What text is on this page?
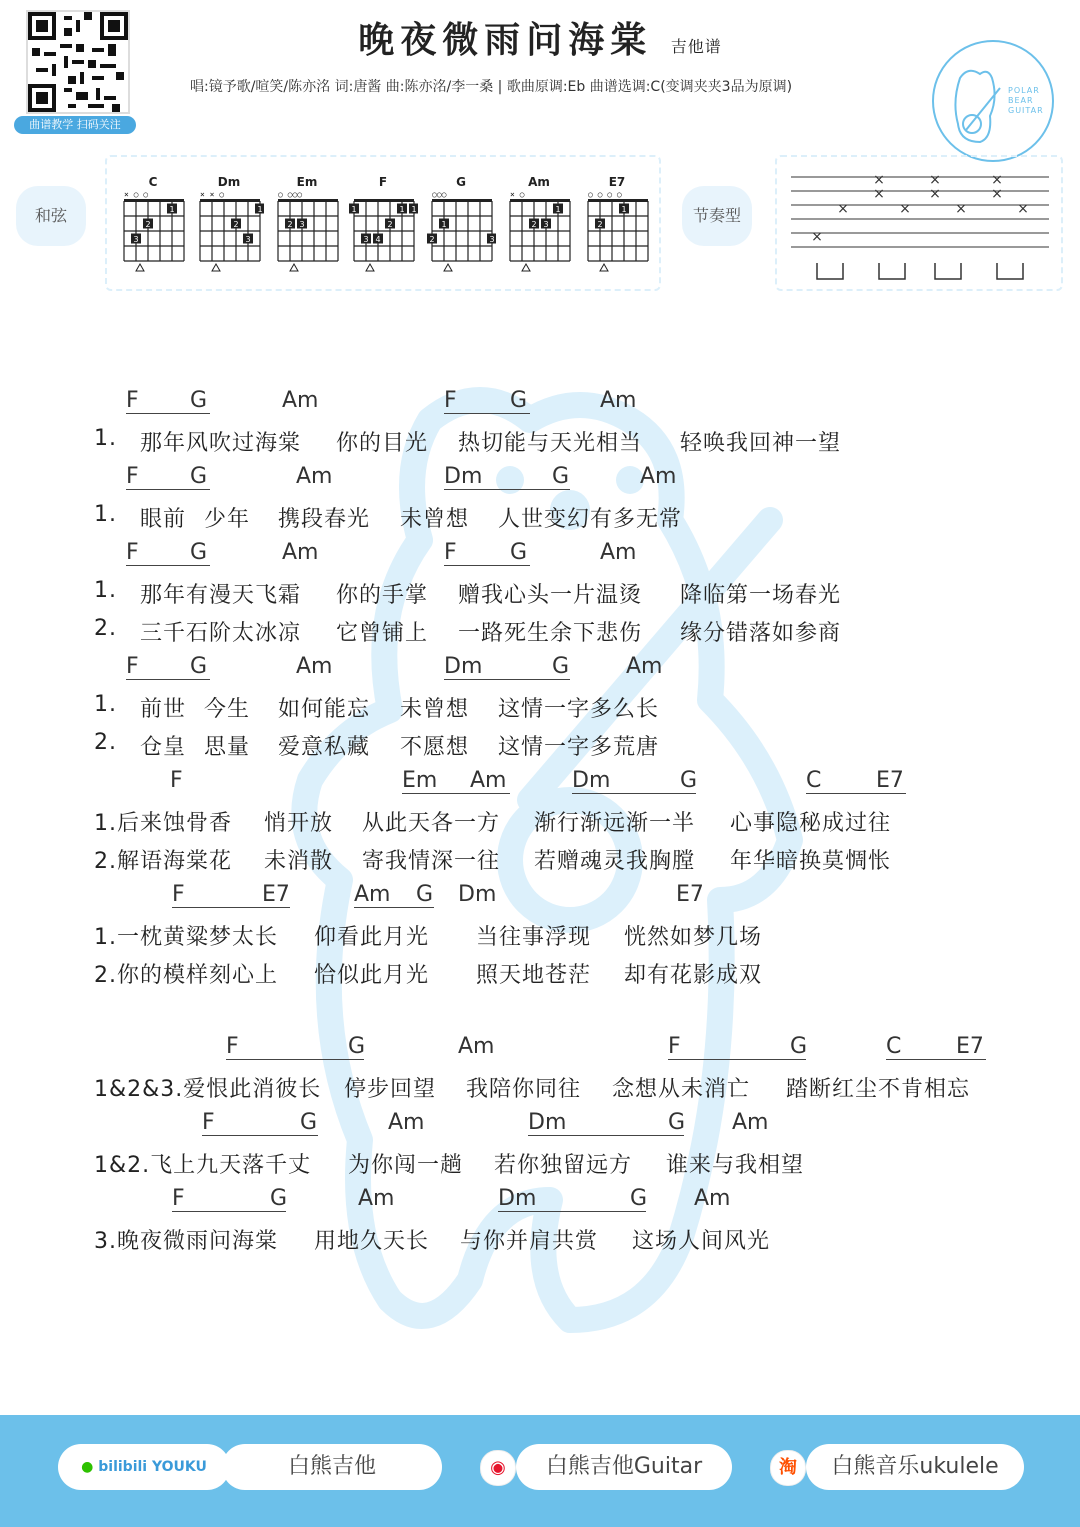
曲谱教学 扫码关注
晚夜微雨问海棠 吉他谱
唱:镜予歌/喧笑/陈亦洺 词:唐酱 曲:陈亦洺/李一桑 | 歌曲原调:Eb 曲谱选调:C(变调夹夹3品为原调)	POLAR
BEAR
GUITAR
和弦
C
1
2
3
× ○ ○
Dm
1
2
3
× × ○
Em
2 3
○ ○○○
F
1	1 1
2
3 4
G
1
2	3
○○○
Am
1
2 3
× ○
E7
1
2
○ ○ ○ ○
节奏型
×
×
×
×
×
×
×
×
×
×
×
F G	Am	F G	Am
1. 那年风吹过海棠 你的目光 热切能与天光相当 轻唤我回神一望
F G	Am	Dm	G	Am
1. 眼前 少年 携段春光 未曾想 人世变幻有多无常
F G	Am	F G	Am
1. 那年有漫天飞霜 你的手掌 赠我心头一片温烫 降临第一场春光
2. 三千石阶太冰凉 它曾铺上 一路死生余下悲伤 缘分错落如参商
F G	Am	Dm	G	Am
1. 前世 今生 如何能忘 未曾想 这情一字多么长
2. 仓皇 思量 爱意私藏 不愿想 这情一字多荒唐
F	Em Am	Dm	G	C E7
1.后来蚀骨香 悄开放 从此天各一方 渐行渐远渐一半 心事隐秘成过往
2.解语海棠花 未消散 寄我情深一往 若赠魂灵我胸膛 年华暗换莫惆怅
F	E7	Am G Dm	E7
1.一枕黄粱梦太长 仰看此月光 当往事浮现 恍然如梦几场
2.你的模样刻心上 恰似此月光 照天地苍茫 却有花影成双
F	G	Am	F	G	C E7
1&2&3.爱恨此消彼长 停步回望 我陪你同往 念想从未消亡 踏断红尘不肯相忘
F	G	Am	Dm	G Am
1&2.飞上九天落千丈 为你闯一趟 若你独留远方 谁来与我相望
F	G	Am	Dm	G Am
3.晚夜微雨问海棠 用地久天长 与你并肩共赏 这场人间风光
● bilibili YOUKU	白熊吉他	◉	白熊吉他Guitar	淘	白熊音乐ukulele
